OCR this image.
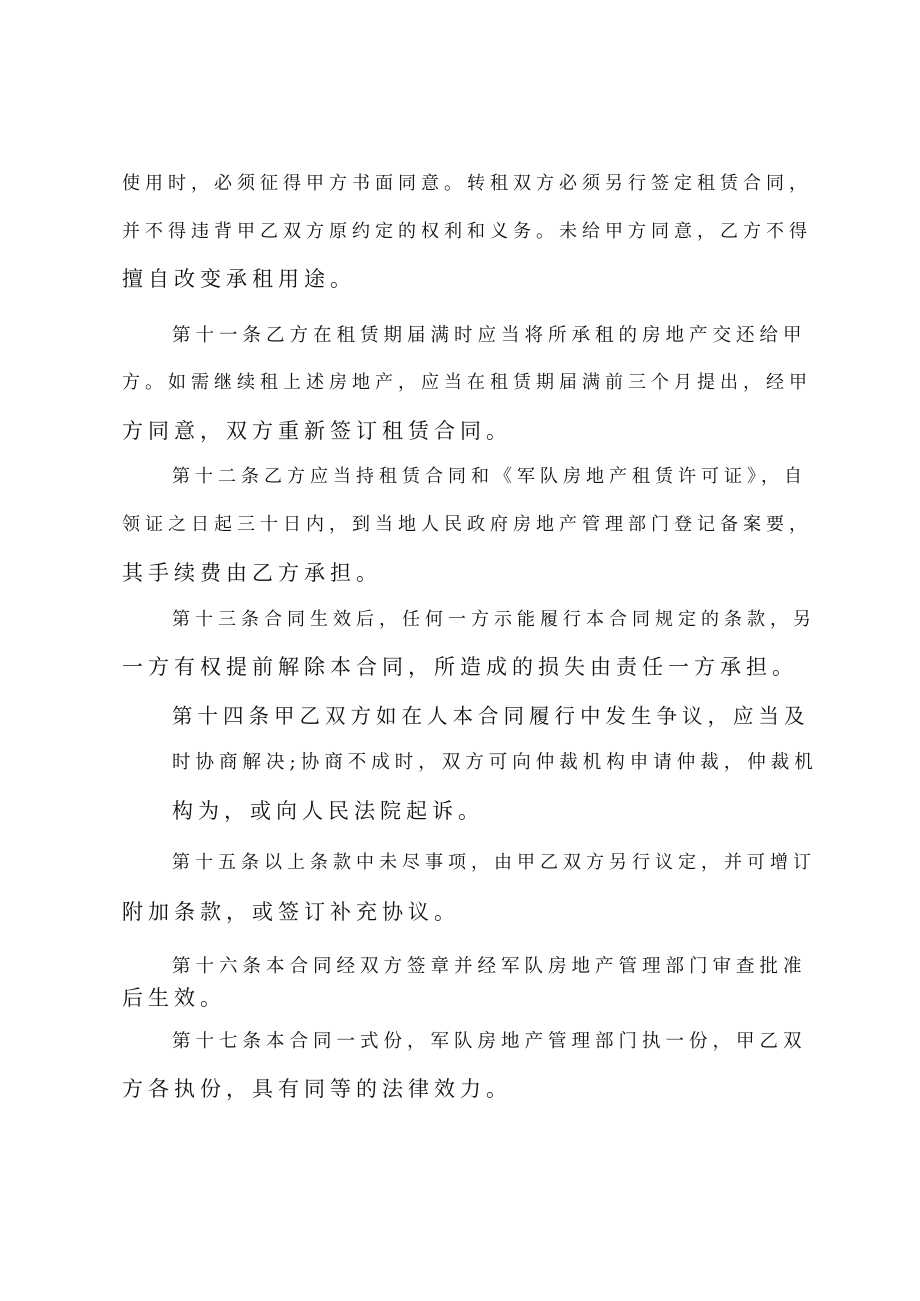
使用时，必须征得甲方书面同意。转租双方必须另行签定租赁合同，
并不得违背甲乙双方原约定的权利和义务。未给甲方同意，乙方不得
擅自改变承租用途。
第十一条乙方在租赁期届满时应当将所承租的房地产交还给甲
方。如需继续租上述房地产，应当在租赁期届满前三个月提出，经甲
方同意，双方重新签订租赁合同。
第十二条乙方应当持租赁合同和《军队房地产租赁许可证》，自
领证之日起三十日内，到当地人民政府房地产管理部门登记备案要，
其手续费由乙方承担。
第十三条合同生效后，任何一方示能履行本合同规定的条款，另
一方有权提前解除本合同，所造成的损失由责任一方承担。
第十四条甲乙双方如在人本合同履行中发生争议，应当及
时协商解决;协商不成时，双方可向仲裁机构申请仲裁，仲裁机
构为，或向人民法院起诉。
第十五条以上条款中未尽事项，由甲乙双方另行议定，并可增订
附加条款，或签订补充协议。
第十六条本合同经双方签章并经军队房地产管理部门审查批准
后生效。
第十七条本合同一式份，军队房地产管理部门执一份，甲乙双
方各执份，具有同等的法律效力。
